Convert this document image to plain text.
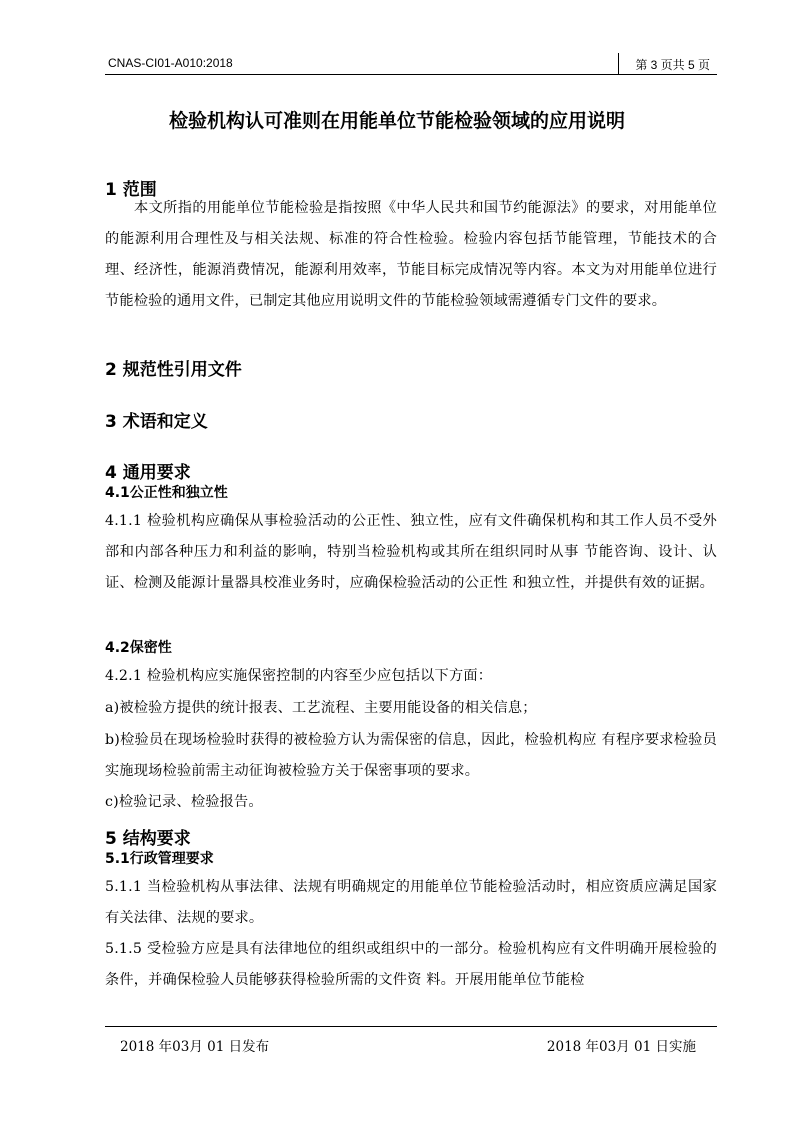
CNAS-CI01-A010:2018	第 3 页共 5 页
检验机构认可准则在用能单位节能检验领域的应用说明
1 范围

本文所指的用能单位节能检验是指按照《中华人民共和国节约能源法》的要求，对用能单位的能源利用合理性及与相关法规、标准的符合性检验。检验内容包括节能管理，节能技术的合理、经济性，能源消费情况，能源利用效率，节能目标完成情况等内容。本文为对用能单位进行节能检验的通用文件，已制定其他应用说明文件的节能检验领域需遵循专门文件的要求。

2 规范性引用文件
3 术语和定义
4 通用要求
4.1公正性和独立性

4.1.1 检验机构应确保从事检验活动的公正性、独立性，应有文件确保机构和其工作人员不受外部和内部各种压力和利益的影响，特别当检验机构或其所在组织同时从事 节能咨询、设计、认证、检测及能源计量器具校准业务时，应确保检验活动的公正性 和独立性，并提供有效的证据。

4.2保密性

4.2.1 检验机构应实施保密控制的内容至少应包括以下方面：

a)被检验方提供的统计报表、工艺流程、主要用能设备的相关信息；

b)检验员在现场检验时获得的被检验方认为需保密的信息，因此，检验机构应 有程序要求检验员实施现场检验前需主动征询被检验方关于保密事项的要求。

c)检验记录、检验报告。

5 结构要求
5.1行政管理要求

5.1.1 当检验机构从事法律、法规有明确规定的用能单位节能检验活动时，相应资质应满足国家有关法律、法规的要求。

5.1.5 受检验方应是具有法律地位的组织或组织中的一部分。检验机构应有文件明确开展检验的条件，并确保检验人员能够获得检验所需的文件资 料。开展用能单位节能检

2018 年03月 01 日发布	2018 年03月 01 日实施
